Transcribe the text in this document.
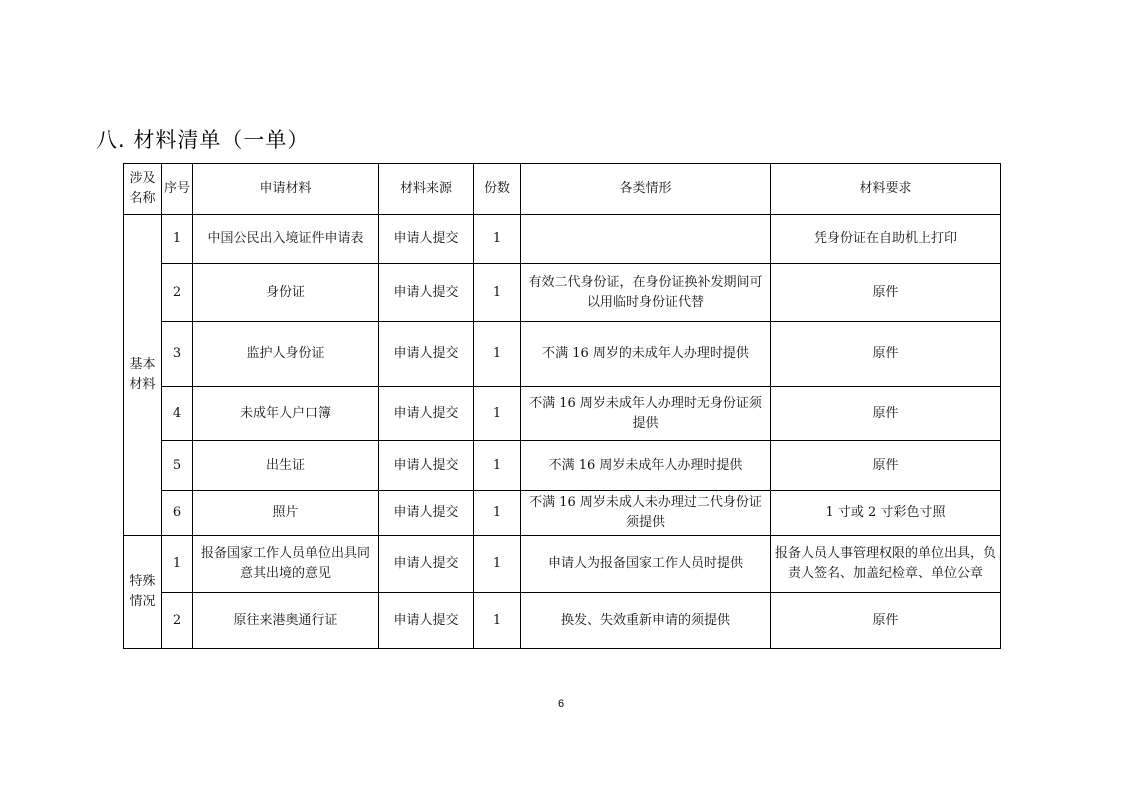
八. 材料清单（一单）
涉及名称	序号	申请材料	材料来源	份数	各类情形	材料要求
基本材料	1	中国公民出入境证件申请表	申请人提交	1		凭身份证在自助机上打印
	2	身份证	申请人提交	1	有效二代身份证，在身份证换补发期间可以用临时身份证代替	原件
	3	监护人身份证	申请人提交	1	不满 16 周岁的未成年人办理时提供	原件
	4	未成年人户口簿	申请人提交	1	不满 16 周岁未成年人办理时无身份证须提供	原件
	5	出生证	申请人提交	1	不满 16 周岁未成年人办理时提供	原件
	6	照片	申请人提交	1	不满 16 周岁未成人未办理过二代身份证须提供	1 寸或 2 寸彩色寸照
特殊情况	1	报备国家工作人员单位出具同意其出境的意见	申请人提交	1	申请人为报备国家工作人员时提供	报备人员人事管理权限的单位出具，负责人签名、加盖纪检章、单位公章
	2	原往来港奥通行证	申请人提交	1	换发、失效重新申请的须提供	原件
6
